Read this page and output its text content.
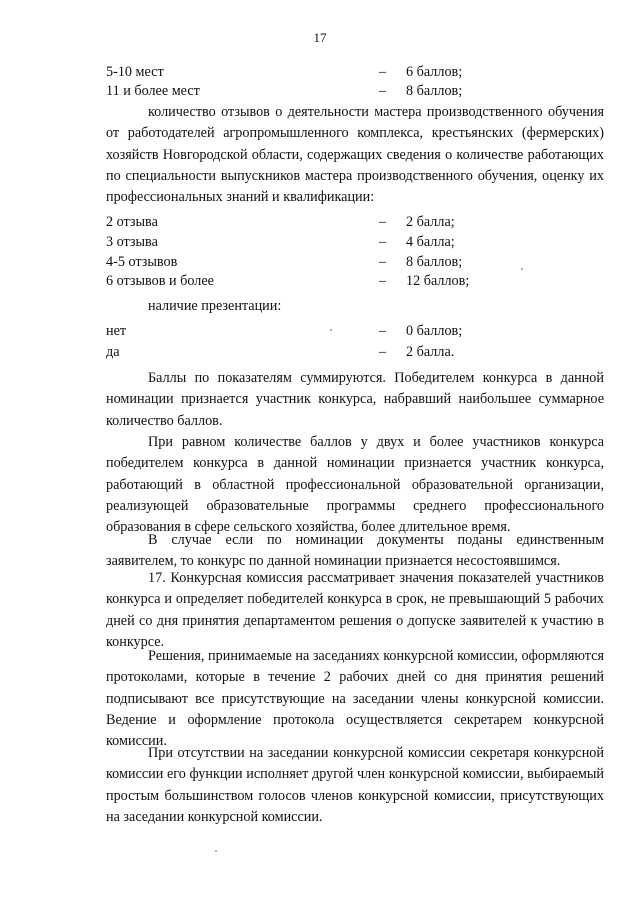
17
5-10 мест	– 6 баллов;
11 и более мест	– 8 баллов;
количество отзывов о деятельности мастера производственного обучения от работодателей агропромышленного комплекса, крестьянских (фермерских) хозяйств Новгородской области, содержащих сведения о количестве работающих по специальности выпускников мастера производственного обучения, оценку их профессиональных знаний и квалификации:
2 отзыва	– 2 балла;
3 отзыва	– 4 балла;
4-5 отзывов	– 8 баллов;
6 отзывов и более	– 12 баллов;
наличие презентации:
нет	– 0 баллов;
да	– 2 балла.
Баллы по показателям суммируются. Победителем конкурса в данной номинации признается участник конкурса, набравший наибольшее суммарное количество баллов.
При равном количестве баллов у двух и более участников конкурса победителем конкурса в данной номинации признается участник конкурса, работающий в областной профессиональной образовательной организации, реализующей образовательные программы среднего профессионального образования в сфере сельского хозяйства, более длительное время.
В случае если по номинации документы поданы единственным заявителем, то конкурс по данной номинации признается несостоявшимся.
17. Конкурсная комиссия рассматривает значения показателей участников конкурса и определяет победителей конкурса в срок, не превышающий 5 рабочих дней со дня принятия департаментом решения о допуске заявителей к участию в конкурсе.
Решения, принимаемые на заседаниях конкурсной комиссии, оформляются протоколами, которые в течение 2 рабочих дней со дня принятия решений подписывают все присутствующие на заседании члены конкурсной комиссии. Ведение и оформление протокола осуществляется секретарем конкурсной комиссии.
При отсутствии на заседании конкурсной комиссии секретаря конкурсной комиссии его функции исполняет другой член конкурсной комиссии, выбираемый простым большинством голосов членов конкурсной комиссии, присутствующих на заседании конкурсной комиссии.
